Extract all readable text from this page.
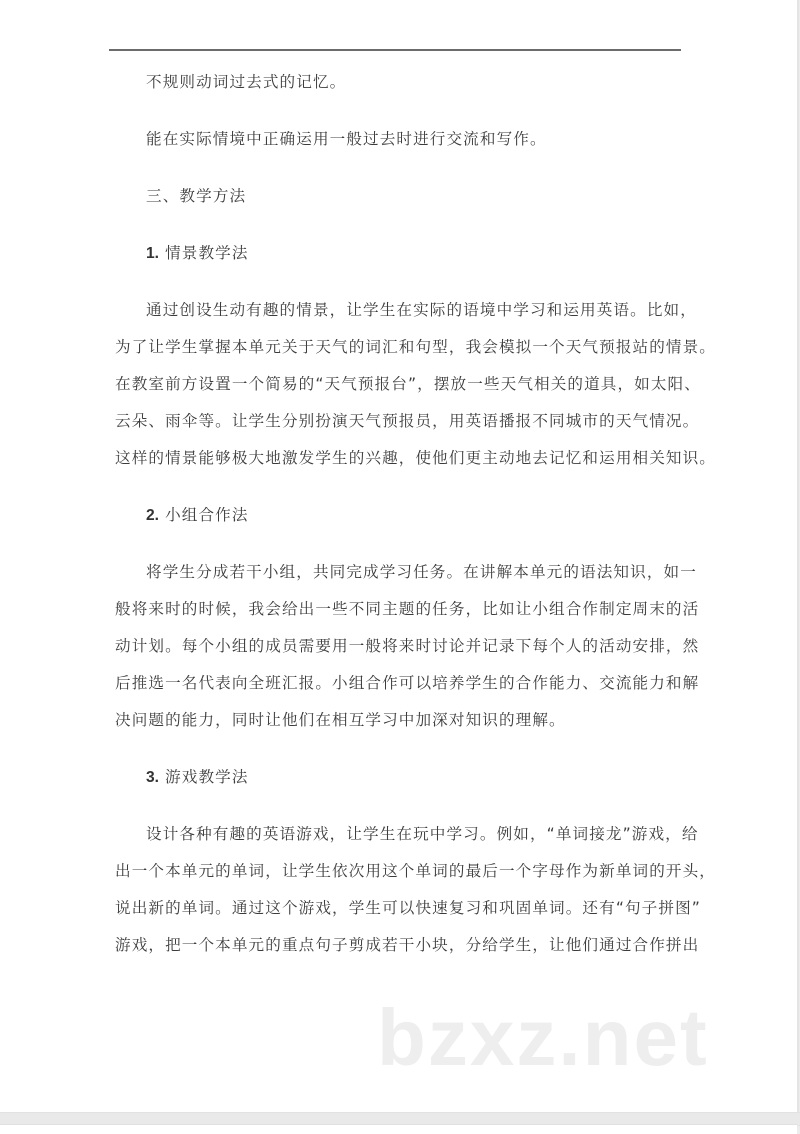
不规则动词过去式的记忆。
能在实际情境中正确运用一般过去时进行交流和写作。
三、教学方法
1. 情景教学法
通过创设生动有趣的情景，让学生在实际的语境中学习和运用英语。比如，
为了让学生掌握本单元关于天气的词汇和句型，我会模拟一个天气预报站的情景。
在教室前方设置一个简易的“天气预报台”，摆放一些天气相关的道具，如太阳、
云朵、雨伞等。让学生分别扮演天气预报员，用英语播报不同城市的天气情况。
这样的情景能够极大地激发学生的兴趣，使他们更主动地去记忆和运用相关知识。
2. 小组合作法
将学生分成若干小组，共同完成学习任务。在讲解本单元的语法知识，如一
般将来时的时候，我会给出一些不同主题的任务，比如让小组合作制定周末的活
动计划。每个小组的成员需要用一般将来时讨论并记录下每个人的活动安排，然
后推选一名代表向全班汇报。小组合作可以培养学生的合作能力、交流能力和解
决问题的能力，同时让他们在相互学习中加深对知识的理解。
3. 游戏教学法
设计各种有趣的英语游戏，让学生在玩中学习。例如，“单词接龙”游戏，给
出一个本单元的单词，让学生依次用这个单词的最后一个字母作为新单词的开头，
说出新的单词。通过这个游戏，学生可以快速复习和巩固单词。还有“句子拼图”
游戏，把一个本单元的重点句子剪成若干小块，分给学生，让他们通过合作拼出
bzxz.net
